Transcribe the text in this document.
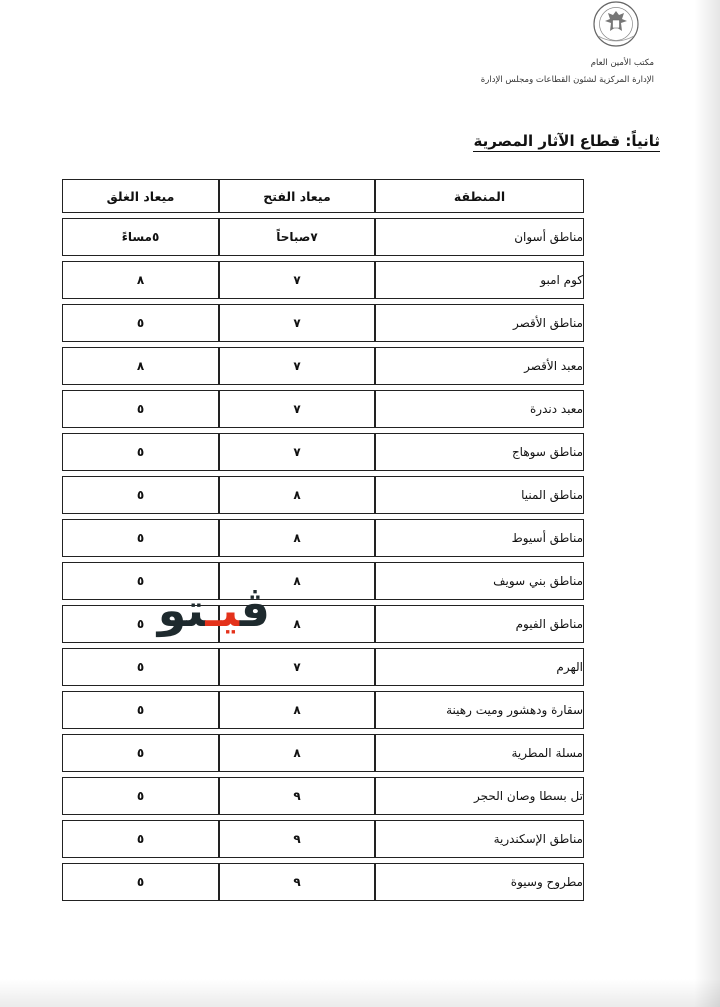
مكتب الأمين العام
الإدارة المركزية لشئون القطاعات ومجلس الإدارة
ثانياً: قطاع الآثار المصرية
المنطقة	ميعاد الفتح	ميعاد الغلق
مناطق أسوان	٧صباحاً	٥مساءً
كوم امبو	٧	٨
مناطق الأقصر	٧	٥
معبد الأقصر	٧	٨
معبد دندرة	٧	٥
مناطق سوهاج	٧	٥
مناطق المنيا	٨	٥
مناطق أسيوط	٨	٥
مناطق بني سويف	٨	٥
مناطق الفيوم	٨	٥
الهرم	٧	٥
سقارة ودهشور وميت رهينة	٨	٥
مسلة المطرية	٨	٥
تل بسطا وصان الحجر	٩	٥
مناطق الإسكندرية	٩	٥
مطروح وسيوة	٩	٥
ڤيـتو
